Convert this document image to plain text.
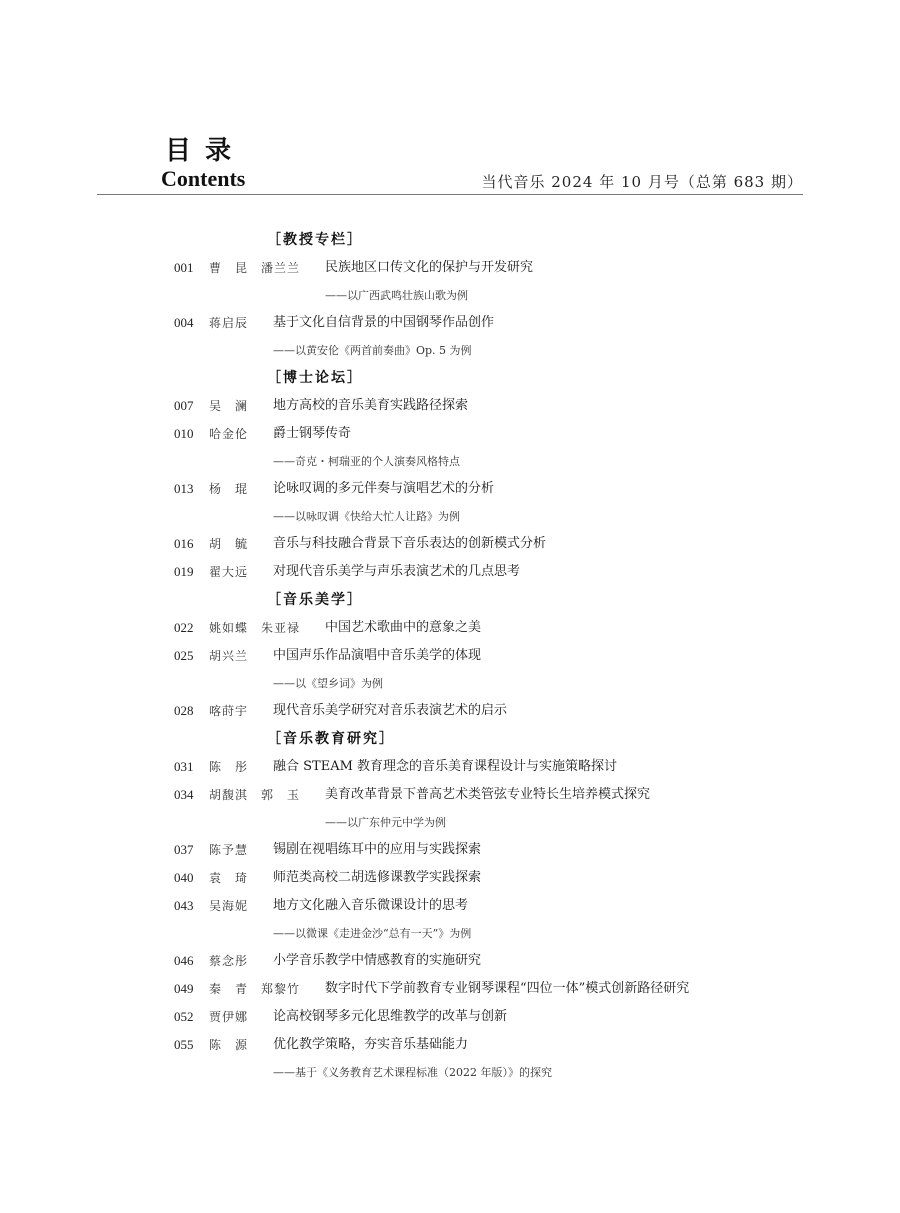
目录
Contents	当代音乐 2024 年 10 月号（总第 683 期）
［教授专栏］
001	曹　昆　潘兰兰 民族地区口传文化的保护与开发研究
——以广西武鸣壮族山歌为例
004	蒋启辰 基于文化自信背景的中国钢琴作品创作
——以黄安伦《两首前奏曲》Op. 5 为例
［博士论坛］
007	吴　澜 地方高校的音乐美育实践路径探索
010	哈金伦 爵士钢琴传奇
——奇克・柯瑞亚的个人演奏风格特点
013	杨　琨 论咏叹调的多元伴奏与演唱艺术的分析
——以咏叹调《快给大忙人让路》为例
016	胡　毓 音乐与科技融合背景下音乐表达的创新模式分析
019	翟大远 对现代音乐美学与声乐表演艺术的几点思考
［音乐美学］
022	姚如蝶　朱亚禄 中国艺术歌曲中的意象之美
025	胡兴兰 中国声乐作品演唱中音乐美学的体现
——以《望乡词》为例
028	喀莳宇 现代音乐美学研究对音乐表演艺术的启示
［音乐教育研究］
031	陈　彤 融合 STEAM 教育理念的音乐美育课程设计与实施策略探讨
034	胡馥淇　郭　玉 美育改革背景下普高艺术类管弦专业特长生培养模式探究
——以广东仲元中学为例
037	陈予慧 锡剧在视唱练耳中的应用与实践探索
040	袁　琦 师范类高校二胡选修课教学实践探索
043	吴海妮 地方文化融入音乐微课设计的思考
——以微课《走进金沙“总有一天”》为例
046	蔡念彤 小学音乐教学中情感教育的实施研究
049	秦　青　郑黎竹 数字时代下学前教育专业钢琴课程“四位一体”模式创新路径研究
052	贾伊娜 论高校钢琴多元化思维教学的改革与创新
055	陈　源 优化教学策略，夯实音乐基础能力
——基于《义务教育艺术课程标准（2022 年版）》的探究
